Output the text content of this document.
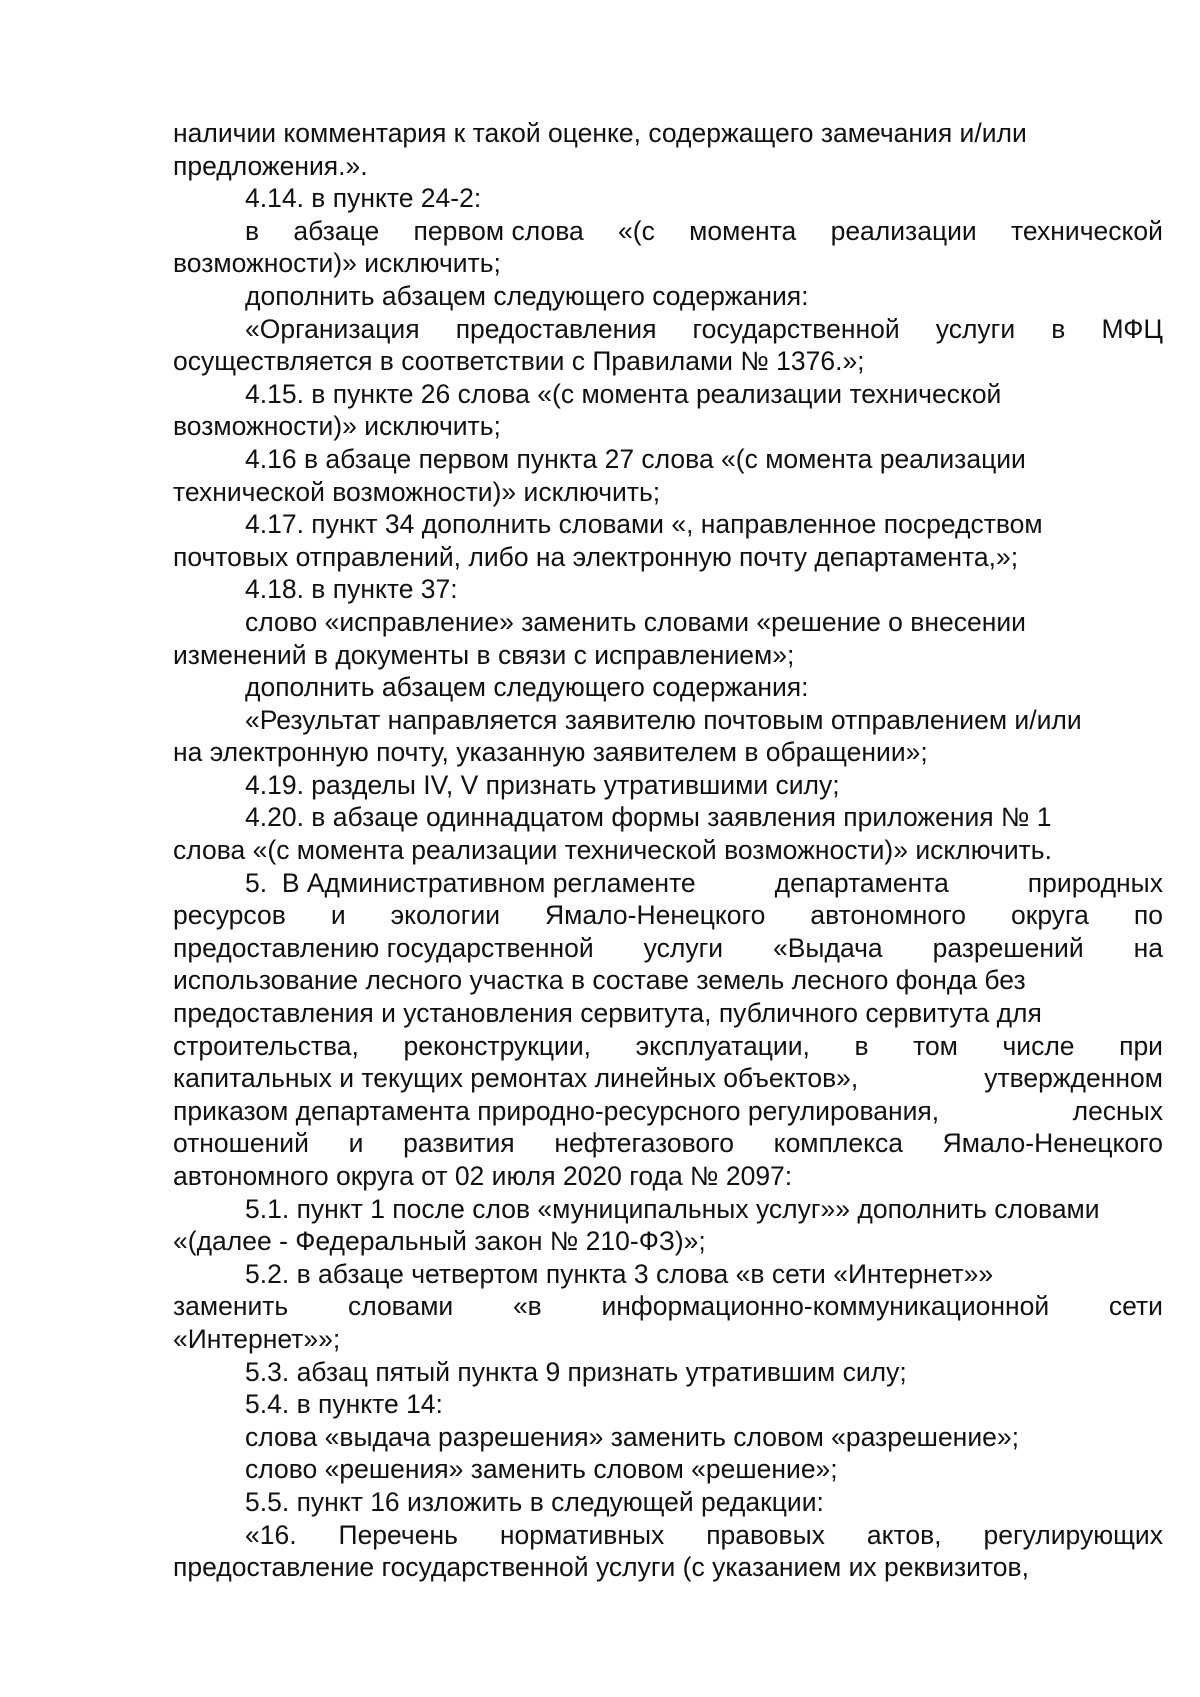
наличии комментария к такой оценке, содержащего замечания и/или
предложения.».
4.14. в пункте 24-2:
в абзаце первом слова «(с момента реализации технической
возможности)» исключить;
дополнить абзацем следующего содержания:
«Организация предоставления государственной услуги в МФЦ
осуществляется в соответствии с Правилами № 1376.»;
4.15. в пункте 26 слова «(с момента реализации технической
возможности)» исключить;
4.16 в абзаце первом пункта 27 слова «(с момента реализации
технической возможности)» исключить;
4.17. пункт 34 дополнить словами «, направленное посредством
почтовых отправлений, либо на электронную почту департамента,»;
4.18. в пункте 37:
слово «исправление» заменить словами «решение о внесении
изменений в документы в связи с исправлением»;
дополнить абзацем следующего содержания:
«Результат направляется заявителю почтовым отправлением и/или
на электронную почту, указанную заявителем в обращении»;
4.19. разделы IV, V признать утратившими силу;
4.20. в абзаце одиннадцатом формы заявления приложения № 1
слова «(с момента реализации технической возможности)» исключить.
5.  В Административном регламенте	департамента	природных
ресурсов и экологии Ямало-Ненецкого автономного округа по
предоставлению государственной услуги «Выдача разрешений на
использование лесного участка в составе земель лесного фонда без
предоставления и установления сервитута, публичного сервитута для
строительства, реконструкции, эксплуатации, в том числе при
капитальных и текущих ремонтах линейных объектов»,	утвержденном
приказом департамента природно-ресурсного регулирования,	лесных
отношений и развития нефтегазового комплекса Ямало-Ненецкого
автономного округа от 02 июля 2020 года № 2097:
5.1. пункт 1 после слов «муниципальных услуг»» дополнить словами
«(далее - Федеральный закон № 210-ФЗ)»;
5.2. в абзаце четвертом пункта 3 слова «в сети «Интернет»»
заменить словами «в информационно-коммуникационной сети
«Интернет»»;
5.3. абзац пятый пункта 9 признать утратившим силу;
5.4. в пункте 14:
слова «выдача разрешения» заменить словом «разрешение»;
слово «решения» заменить словом «решение»;
5.5. пункт 16 изложить в следующей редакции:
«16. Перечень нормативных правовых актов, регулирующих
предоставление государственной услуги (с указанием их реквизитов,
